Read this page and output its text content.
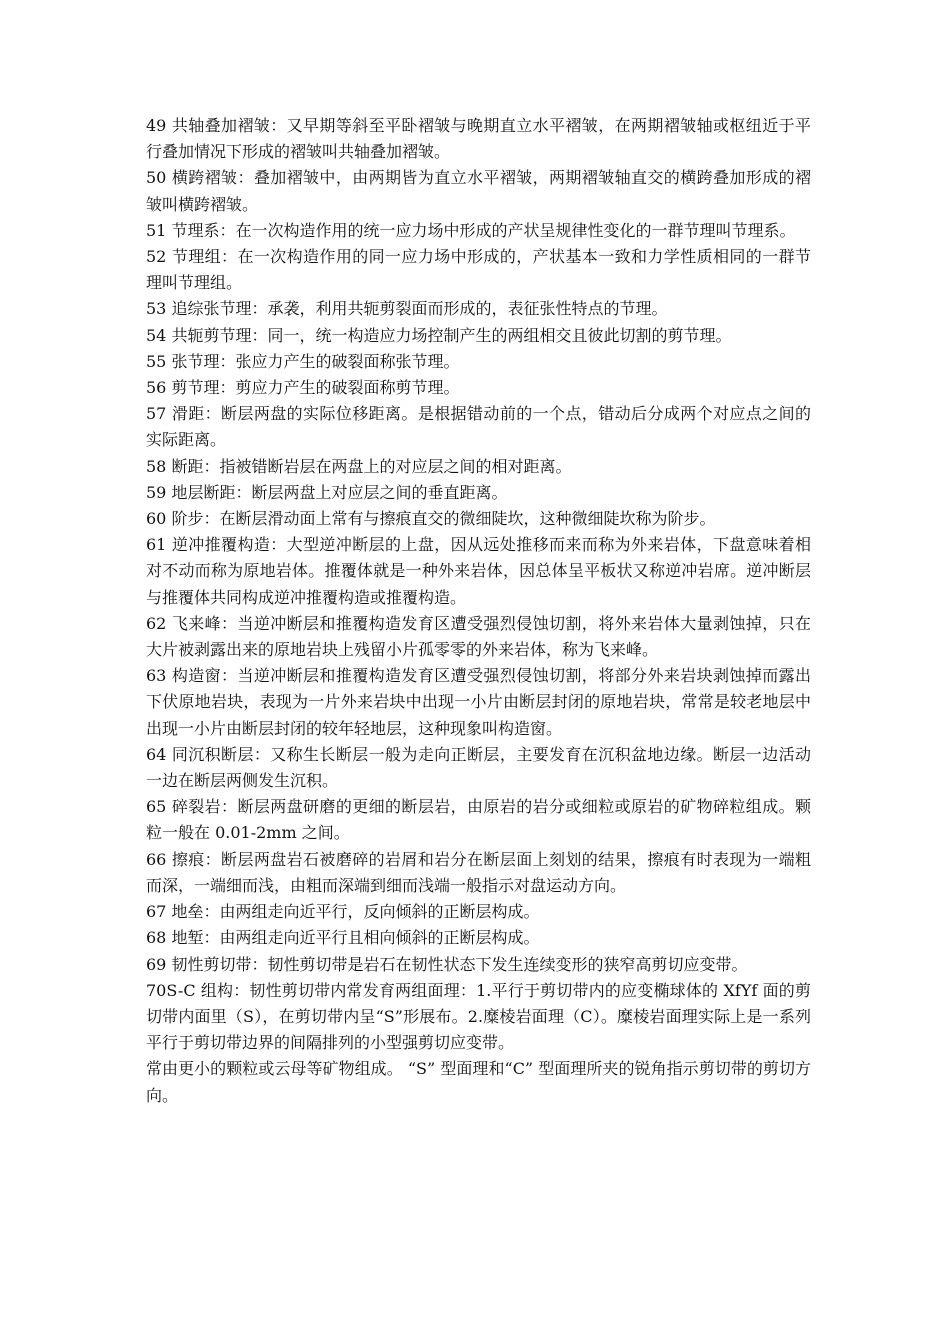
49 共轴叠加褶皱：又早期等斜至平卧褶皱与晚期直立水平褶皱，在两期褶皱轴或枢纽近于平行叠加情况下形成的褶皱叫共轴叠加褶皱。

50 横跨褶皱：叠加褶皱中，由两期皆为直立水平褶皱，两期褶皱轴直交的横跨叠加形成的褶皱叫横跨褶皱。

51 节理系：在一次构造作用的统一应力场中形成的产状呈规律性变化的一群节理叫节理系。

52 节理组：在一次构造作用的同一应力场中形成的，产状基本一致和力学性质相同的一群节理叫节理组。

53 追综张节理：承袭，利用共轭剪裂面而形成的，表征张性特点的节理。

54 共轭剪节理：同一，统一构造应力场控制产生的两组相交且彼此切割的剪节理。

55 张节理：张应力产生的破裂面称张节理。

56 剪节理：剪应力产生的破裂面称剪节理。

57 滑距：断层两盘的实际位移距离。是根据错动前的一个点，错动后分成两个对应点之间的实际距离。

58 断距：指被错断岩层在两盘上的对应层之间的相对距离。

59 地层断距：断层两盘上对应层之间的垂直距离。

60 阶步：在断层滑动面上常有与擦痕直交的微细陡坎，这种微细陡坎称为阶步。

61 逆冲推覆构造：大型逆冲断层的上盘，因从远处推移而来而称为外来岩体，下盘意味着相对不动而称为原地岩体。推覆体就是一种外来岩体，因总体呈平板状又称逆冲岩席。逆冲断层与推覆体共同构成逆冲推覆构造或推覆构造。

62 飞来峰：当逆冲断层和推覆构造发育区遭受强烈侵蚀切割，将外来岩体大量剥蚀掉，只在大片被剥露出来的原地岩块上残留小片孤零零的外来岩体，称为飞来峰。

63 构造窗：当逆冲断层和推覆构造发育区遭受强烈侵蚀切割，将部分外来岩块剥蚀掉而露出下伏原地岩块，表现为一片外来岩块中出现一小片由断层封闭的原地岩块，常常是较老地层中出现一小片由断层封闭的较年轻地层，这种现象叫构造窗。

64 同沉积断层：又称生长断层一般为走向正断层，主要发育在沉积盆地边缘。断层一边活动一边在断层两侧发生沉积。

65 碎裂岩：断层两盘研磨的更细的断层岩，由原岩的岩分或细粒或原岩的矿物碎粒组成。颗粒一般在 0.01-2mm 之间。

66 擦痕：断层两盘岩石被磨碎的岩屑和岩分在断层面上刻划的结果，擦痕有时表现为一端粗而深，一端细而浅，由粗而深端到细而浅端一般指示对盘运动方向。

67 地垒：由两组走向近平行，反向倾斜的正断层构成。

68 地堑：由两组走向近平行且相向倾斜的正断层构成。

69 韧性剪切带：韧性剪切带是岩石在韧性状态下发生连续变形的狭窄高剪切应变带。

70S-C 组构：韧性剪切带内常发育两组面理：1.平行于剪切带内的应变椭球体的 XfYf 面的剪切带内面里（S），在剪切带内呈“S”形展布。2.糜棱岩面理（C）。糜棱岩面理实际上是一系列平行于剪切带边界的间隔排列的小型强剪切应变带。

常由更小的颗粒或云母等矿物组成。 “S” 型面理和“C” 型面理所夹的锐角指示剪切带的剪切方向。
